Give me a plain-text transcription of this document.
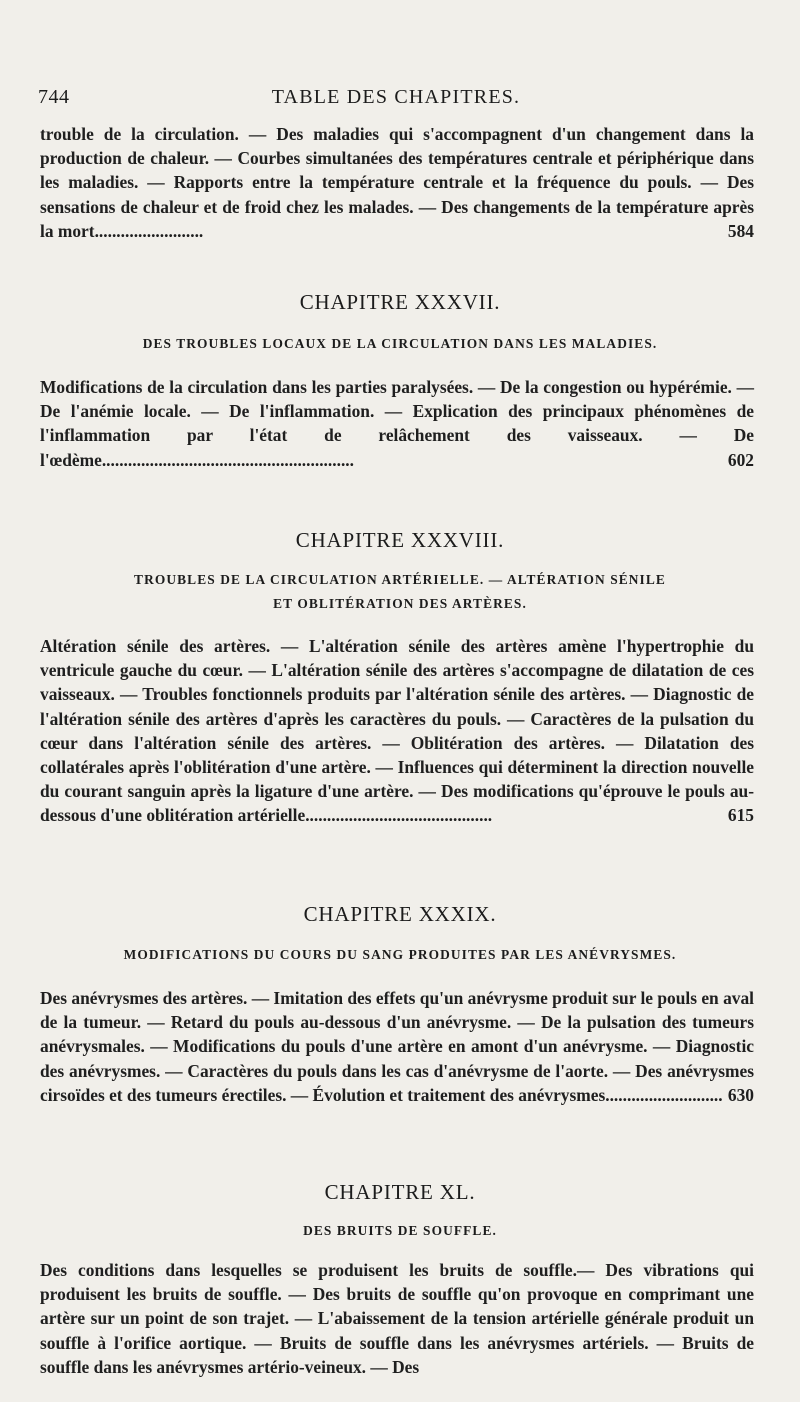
744	TABLE DES CHAPITRES.
584
trouble de la circulation. — Des maladies qui s'accompagnent d'un changement dans la production de chaleur. — Courbes simultanées des températures centrale et périphérique dans les maladies. — Rapports entre la température centrale et la fréquence du pouls. — Des sensations de chaleur et de froid chez les malades. — Des changements de la température après la mort.........................
CHAPITRE XXXVII.
DES TROUBLES LOCAUX DE LA CIRCULATION DANS LES MALADIES.
602
Modifications de la circulation dans les parties paralysées. — De la congestion ou hypérémie. — De l'anémie locale. — De l'inflammation. — Explication des principaux phénomènes de l'inflammation par l'état de relâchement des vaisseaux. — De l'œdème..........................................................
CHAPITRE XXXVIII.
TROUBLES DE LA CIRCULATION ARTÉRIELLE. — ALTÉRATION SÉNILE
ET OBLITÉRATION DES ARTÈRES.
615
Altération sénile des artères. — L'altération sénile des artères amène l'hypertrophie du ventricule gauche du cœur. — L'altération sénile des artères s'accompagne de dilatation de ces vaisseaux. — Troubles fonctionnels produits par l'altération sénile des artères. — Diagnostic de l'altération sénile des artères d'après les caractères du pouls. — Caractères de la pulsation du cœur dans l'altération sénile des artères. — Oblitération des artères. — Dilatation des collatérales après l'oblitération d'une artère. — Influences qui déterminent la direction nouvelle du courant sanguin après la ligature d'une artère. — Des modifications qu'éprouve le pouls au-dessous d'une oblitération artérielle...........................................
CHAPITRE XXXIX.
MODIFICATIONS DU COURS DU SANG PRODUITES PAR LES ANÉVRYSMES.
630
Des anévrysmes des artères. — Imitation des effets qu'un anévrysme produit sur le pouls en aval de la tumeur. — Retard du pouls au-dessous d'un anévrysme. — De la pulsation des tumeurs anévrysmales. — Modifications du pouls d'une artère en amont d'un anévrysme. — Diagnostic des anévrysmes. — Caractères du pouls dans les cas d'anévrysme de l'aorte. — Des anévrysmes cirsoïdes et des tumeurs érectiles. — Évolution et traitement des anévrysmes...........................
CHAPITRE XL.
DES BRUITS DE SOUFFLE.
Des conditions dans lesquelles se produisent les bruits de souffle.— Des vibrations qui produisent les bruits de souffle. — Des bruits de souffle qu'on provoque en comprimant une artère sur un point de son trajet. — L'abaissement de la tension artérielle générale produit un souffle à l'orifice aortique. — Bruits de souffle dans les anévrysmes artériels. — Bruits de souffle dans les anévrysmes artério-veineux. — Des
